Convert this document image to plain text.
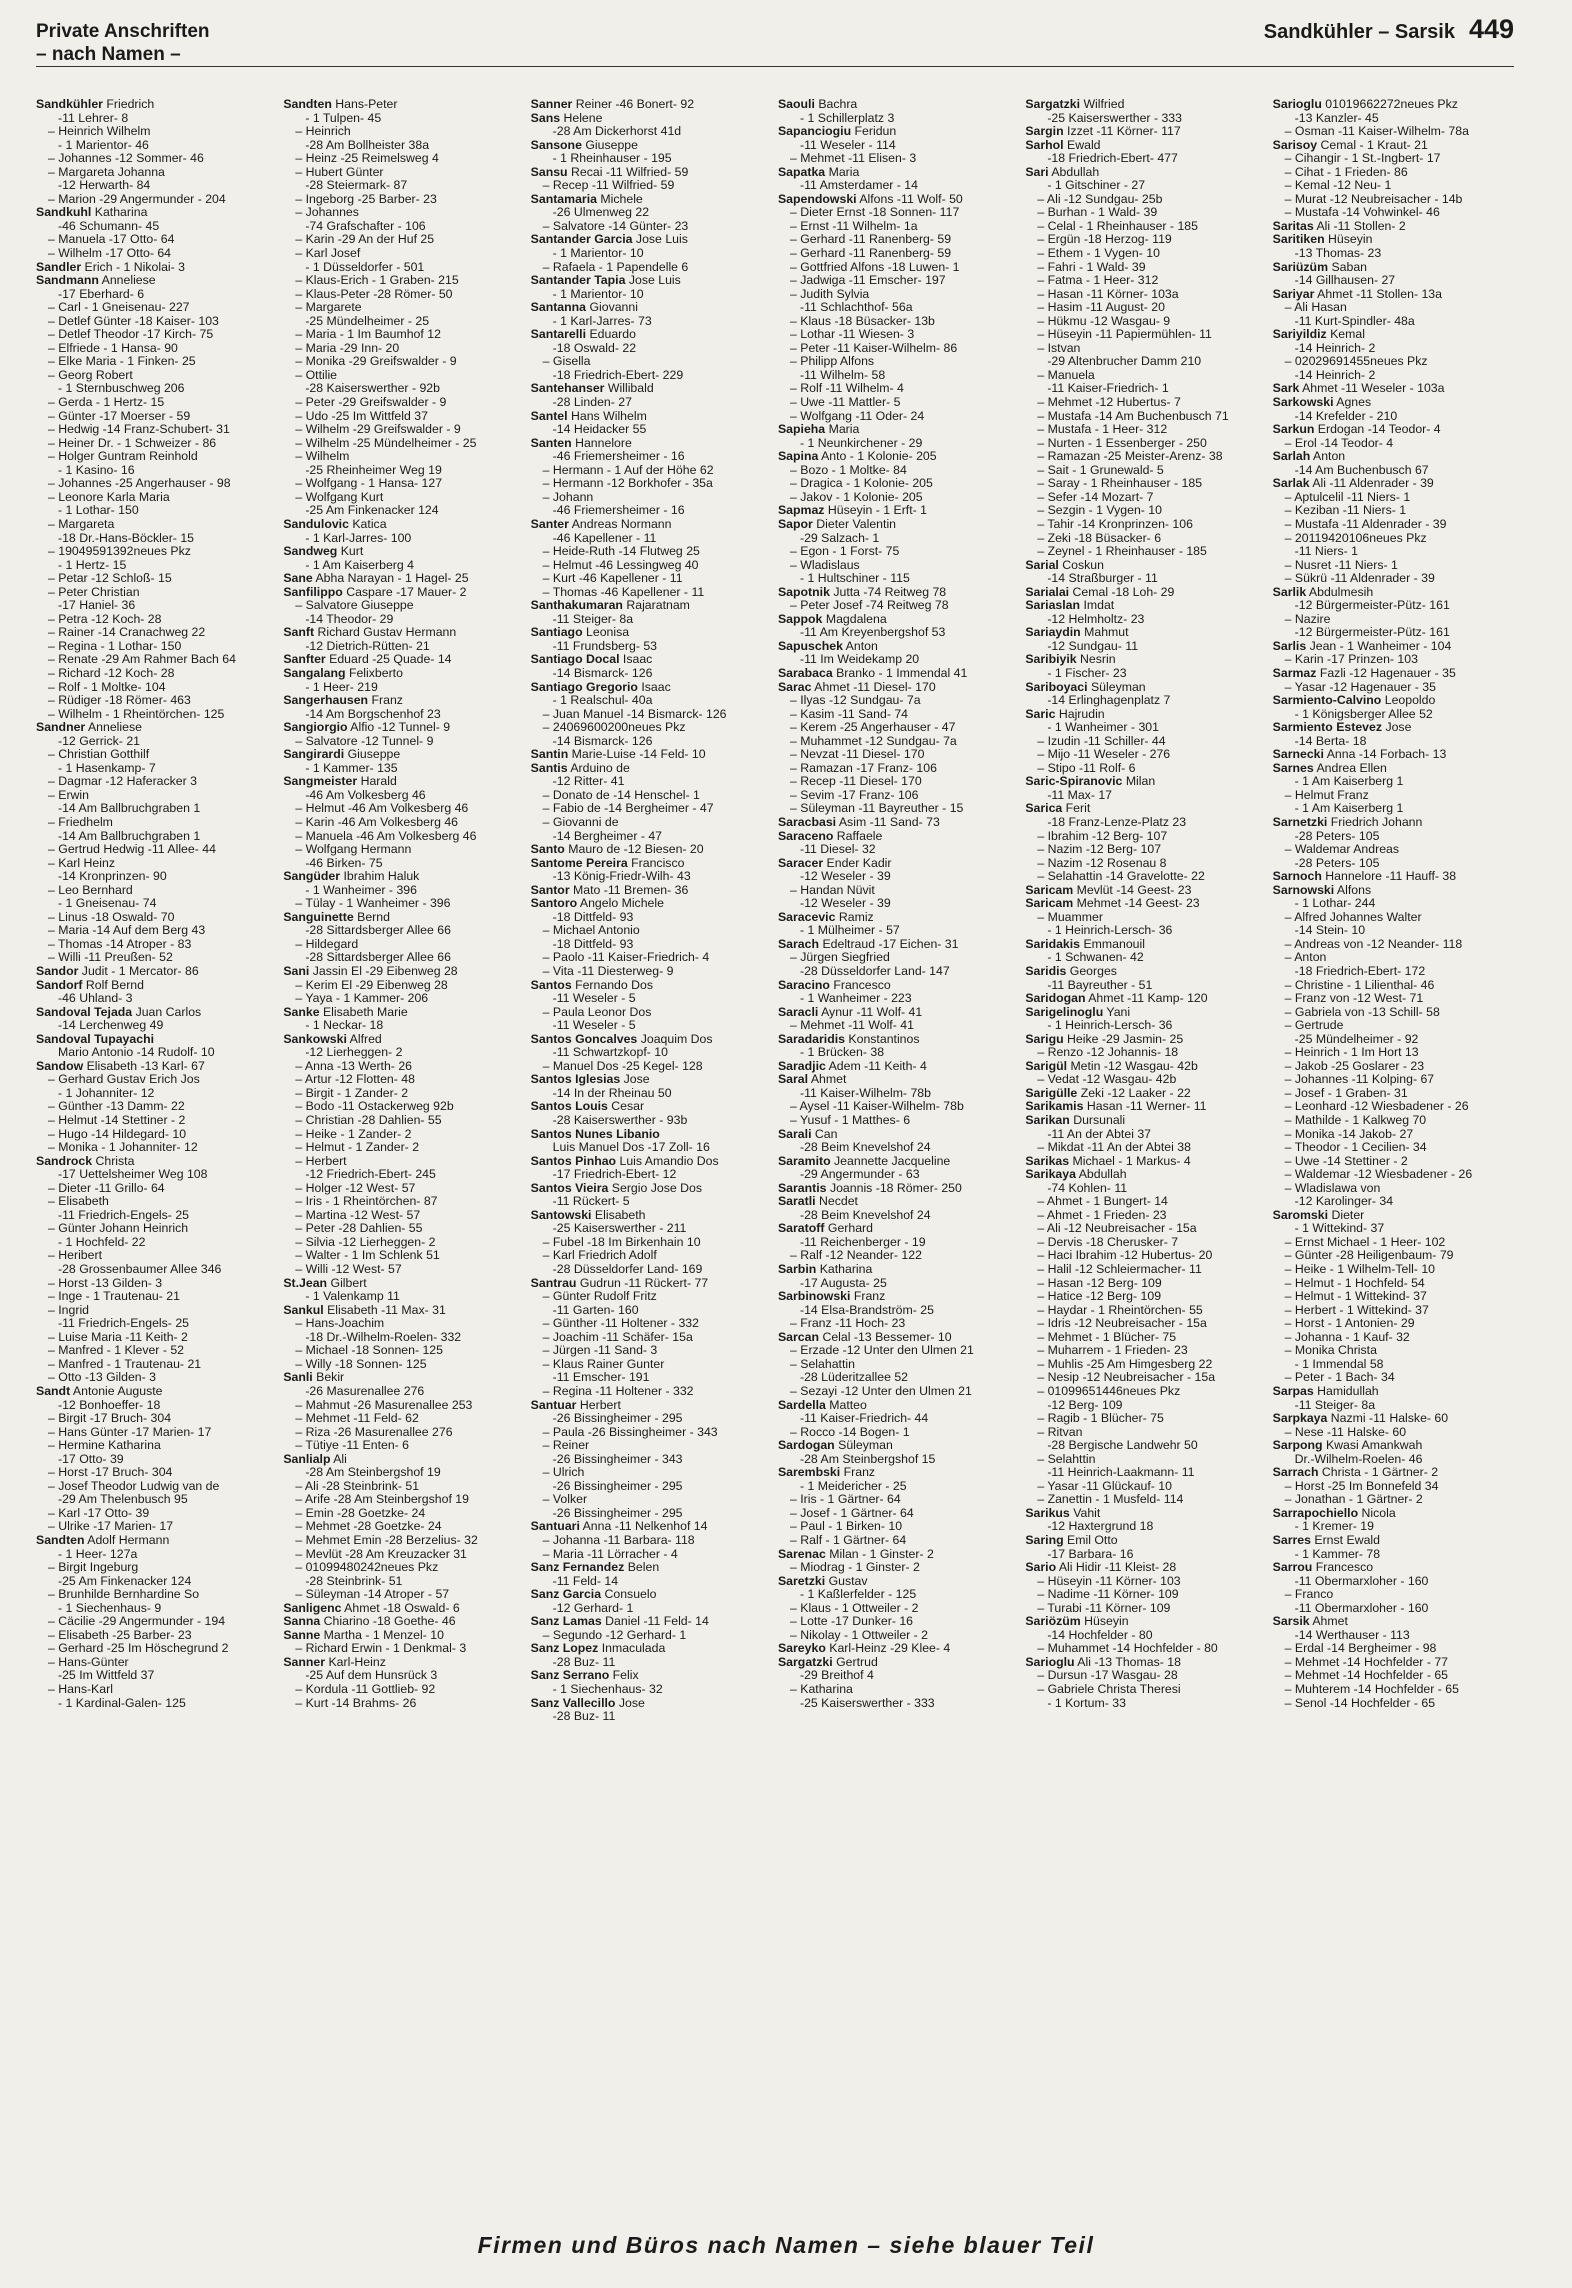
Private Anschriften
– nach Namen –
Sandkühler – Sarsik 449
Sandkühler Friedrich
-11 Lehrer- 8
– Heinrich Wilhelm
- 1 Marientor- 46
– Johannes -12 Sommer- 46
– Margareta Johanna
-12 Herwarth- 84
– Marion -29 Angermunder - 204
Sandkuhl Katharina
-46 Schumann- 45
– Manuela -17 Otto- 64
– Wilhelm -17 Otto- 64
Sandler Erich - 1 Nikolai- 3
Sandmann Anneliese
-17 Eberhard- 6
– Carl - 1 Gneisenau- 227
– Detlef Günter -18 Kaiser- 103
– Detlef Theodor -17 Kirch- 75
– Elfriede - 1 Hansa- 90
– Elke Maria - 1 Finken- 25
– Georg Robert
- 1 Sternbuschweg 206
– Gerda - 1 Hertz- 15
– Günter -17 Moerser - 59
– Hedwig -14 Franz-Schubert- 31
– Heiner Dr. - 1 Schweizer - 86
– Holger Guntram Reinhold
- 1 Kasino- 16
– Johannes -25 Angerhauser - 98
– Leonore Karla Maria
- 1 Lothar- 150
– Margareta
-18 Dr.-Hans-Böckler- 15
– 19049591392neues Pkz
- 1 Hertz- 15
– Petar -12 Schloß- 15
– Peter Christian
-17 Haniel- 36
– Petra -12 Koch- 28
– Rainer -14 Cranachweg 22
– Regina - 1 Lothar- 150
– Renate -29 Am Rahmer Bach 64
– Richard -12 Koch- 28
– Rolf - 1 Moltke- 104
– Rüdiger -18 Römer- 463
– Wilhelm - 1 Rheintörchen- 125
Sandner Anneliese
-12 Gerrick- 21
– Christian Gotthilf
- 1 Hasenkamp- 7
– Dagmar -12 Haferacker 3
– Erwin
-14 Am Ballbruchgraben 1
– Friedhelm
-14 Am Ballbruchgraben 1
– Gertrud Hedwig -11 Allee- 44
– Karl Heinz
-14 Kronprinzen- 90
– Leo Bernhard
- 1 Gneisenau- 74
– Linus -18 Oswald- 70
– Maria -14 Auf dem Berg 43
– Thomas -14 Atroper - 83
– Willi -11 Preußen- 52
Sandor Judit - 1 Mercator- 86
Sandorf Rolf Bernd
-46 Uhland- 3
Sandoval Tejada Juan Carlos
-14 Lerchenweg 49
Sandoval Tupayachi
Mario Antonio -14 Rudolf- 10
Sandow Elisabeth -13 Karl- 67
– Gerhard Gustav Erich Jos
- 1 Johanniter- 12
– Günther -13 Damm- 22
– Helmut -14 Stettiner - 2
– Hugo -14 Hildegard- 10
– Monika - 1 Johanniter- 12
Sandrock Christa
-17 Uettelsheimer Weg 108
– Dieter -11 Grillo- 64
– Elisabeth
-11 Friedrich-Engels- 25
– Günter Johann Heinrich
- 1 Hochfeld- 22
– Heribert
-28 Grossenbaumer Allee 346
– Horst -13 Gilden- 3
– Inge - 1 Trautenau- 21
– Ingrid
-11 Friedrich-Engels- 25
– Luise Maria -11 Keith- 2
– Manfred - 1 Klever - 52
– Manfred - 1 Trautenau- 21
– Otto -13 Gilden- 3
Sandt Antonie Auguste
-12 Bonhoeffer- 18
– Birgit -17 Bruch- 304
– Hans Günter -17 Marien- 17
– Hermine Katharina
-17 Otto- 39
– Horst -17 Bruch- 304
– Josef Theodor Ludwig van de
-29 Am Thelenbusch 95
– Karl -17 Otto- 39
– Ulrike -17 Marien- 17
Sandten Adolf Hermann
- 1 Heer- 127a
– Birgit Ingeburg
-25 Am Finkenacker 124
– Brunhilde Bernhardine So
- 1 Siechenhaus- 9
– Cäcilie -29 Angermunder - 194
– Elisabeth -25 Barber- 23
– Gerhard -25 Im Höschegrund 2
– Hans-Günter
-25 Im Wittfeld 37
– Hans-Karl
- 1 Kardinal-Galen- 125
Sandten Hans-Peter
- 1 Tulpen- 45
– Heinrich
-28 Am Bollheister 38a
– Heinz -25 Reimelsweg 4
– Hubert Günter
-28 Steiermark- 87
– Ingeborg -25 Barber- 23
– Johannes
-74 Grafschafter - 106
– Karin -29 An der Huf 25
– Karl Josef
- 1 Düsseldorfer - 501
– Klaus-Erich - 1 Graben- 215
– Klaus-Peter -28 Römer- 50
– Margarete
-25 Mündelheimer - 25
– Maria - 1 Im Baumhof 12
– Maria -29 Inn- 20
– Monika -29 Greifswalder - 9
– Ottilie
-28 Kaiserswerther - 92b
– Peter -29 Greifswalder - 9
– Udo -25 Im Wittfeld 37
– Wilhelm -29 Greifswalder - 9
– Wilhelm -25 Mündelheimer - 25
– Wilhelm
-25 Rheinheimer Weg 19
– Wolfgang - 1 Hansa- 127
– Wolfgang Kurt
-25 Am Finkenacker 124
Sandulovic Katica
- 1 Karl-Jarres- 100
Sandweg Kurt
- 1 Am Kaiserberg 4
Sane Abha Narayan - 1 Hagel- 25
Sanfilippo Caspare -17 Mauer- 2
– Salvatore Giuseppe
-14 Theodor- 29
Sanft Richard Gustav Hermann
-12 Dietrich-Rütten- 21
Sanfter Eduard -25 Quade- 14
Sangalang Felixberto
- 1 Heer- 219
Sangerhausen Franz
-14 Am Borgschenhof 23
Sangiorgio Alfio -12 Tunnel- 9
– Salvatore -12 Tunnel- 9
Sangirardi Giuseppe
- 1 Kammer- 135
Sangmeister Harald
-46 Am Volkesberg 46
– Helmut -46 Am Volkesberg 46
– Karin -46 Am Volkesberg 46
– Manuela -46 Am Volkesberg 46
– Wolfgang Hermann
-46 Birken- 75
Sangüder Ibrahim Haluk
- 1 Wanheimer - 396
– Tülay - 1 Wanheimer - 396
Sanguinette Bernd
-28 Sittardsberger Allee 66
– Hildegard
-28 Sittardsberger Allee 66
Sani Jassin El -29 Eibenweg 28
– Kerim El -29 Eibenweg 28
– Yaya - 1 Kammer- 206
Sanke Elisabeth Marie
- 1 Neckar- 18
Sankowski Alfred
-12 Lierheggen- 2
– Anna -13 Werth- 26
– Artur -12 Flotten- 48
– Birgit - 1 Zander- 2
– Bodo -11 Ostackerweg 92b
– Christian -28 Dahlien- 55
– Heike - 1 Zander- 2
– Helmut - 1 Zander- 2
– Herbert
-12 Friedrich-Ebert- 245
– Holger -12 West- 57
– Iris - 1 Rheintörchen- 87
– Martina -12 West- 57
– Peter -28 Dahlien- 55
– Silvia -12 Lierheggen- 2
– Walter - 1 Im Schlenk 51
– Willi -12 West- 57
St.Jean Gilbert
- 1 Valenkamp 11
Sankul Elisabeth -11 Max- 31
– Hans-Joachim
-18 Dr.-Wilhelm-Roelen- 332
– Michael -18 Sonnen- 125
– Willy -18 Sonnen- 125
Sanli Bekir
-26 Masurenallee 276
– Mahmut -26 Masurenallee 253
– Mehmet -11 Feld- 62
– Riza -26 Masurenallee 276
– Tütiye -11 Enten- 6
Sanlialp Ali
-28 Am Steinbergshof 19
– Ali -28 Steinbrink- 51
– Arife -28 Am Steinbergshof 19
– Emin -28 Goetzke- 24
– Mehmet -28 Goetzke- 24
– Mehmet Emin -28 Berzelius- 32
– Mevlüt -28 Am Kreuzacker 31
– 01099480242neues Pkz
-28 Steinbrink- 51
– Süleyman -14 Atroper - 57
Sanligenc Ahmet -18 Oswald- 6
Sanna Chiarino -18 Goethe- 46
Sanne Martha - 1 Menzel- 10
– Richard Erwin - 1 Denkmal- 3
Sanner Karl-Heinz
-25 Auf dem Hunsrück 3
– Kordula -11 Gottlieb- 92
– Kurt -14 Brahms- 26
Sanner Reiner -46 Bonert- 92
Sans Helene
-28 Am Dickerhorst 41d
Sansone Giuseppe
- 1 Rheinhauser - 195
Sansu Recai -11 Wilfried- 59
– Recep -11 Wilfried- 59
Santamaria Michele
-26 Ulmenweg 22
– Salvatore -14 Günter- 23
Santander Garcia Jose Luis
- 1 Marientor- 10
– Rafaela - 1 Papendelle 6
Santander Tapia Jose Luis
- 1 Marientor- 10
Santanna Giovanni
- 1 Karl-Jarres- 73
Santarelli Eduardo
-18 Oswald- 22
– Gisella
-18 Friedrich-Ebert- 229
Santehanser Willibald
-28 Linden- 27
Santel Hans Wilhelm
-14 Heidacker 55
Santen Hannelore
-46 Friemersheimer - 16
– Hermann - 1 Auf der Höhe 62
– Hermann -12 Borkhofer - 35a
– Johann
-46 Friemersheimer - 16
Santer Andreas Normann
-46 Kapellener - 11
– Heide-Ruth -14 Flutweg 25
– Helmut -46 Lessingweg 40
– Kurt -46 Kapellener - 11
– Thomas -46 Kapellener - 11
Santhakumaran Rajaratnam
-11 Steiger- 8a
Santiago Leonisa
-11 Frundsberg- 53
Santiago Docal Isaac
-14 Bismarck- 126
Santiago Gregorio Isaac
- 1 Realschul- 40a
– Juan Manuel -14 Bismarck- 126
– 24069600200neues Pkz
-14 Bismarck- 126
Santin Marie-Luise -14 Feld- 10
Santis Arduino de
-12 Ritter- 41
– Donato de -14 Henschel- 1
– Fabio de -14 Bergheimer - 47
– Giovanni de
-14 Bergheimer - 47
Santo Mauro de -12 Biesen- 20
Santome Pereira Francisco
-13 König-Friedr-Wilh- 43
Santor Mato -11 Bremen- 36
Santoro Angelo Michele
-18 Dittfeld- 93
– Michael Antonio
-18 Dittfeld- 93
– Paolo -11 Kaiser-Friedrich- 4
– Vita -11 Diesterweg- 9
Santos Fernando Dos
-11 Weseler - 5
– Paula Leonor Dos
-11 Weseler - 5
Santos Goncalves Joaquim Dos
-11 Schwartzkopf- 10
– Manuel Dos -25 Kegel- 128
Santos Iglesias Jose
-14 In der Rheinau 50
Santos Louis Cesar
-28 Kaiserswerther - 93b
Santos Nunes Libanio
Luis Manuel Dos -17 Zoll- 16
Santos Pinhao Luis Amandio Dos
-17 Friedrich-Ebert- 12
Santos Vieira Sergio Jose Dos
-11 Rückert- 5
Santowski Elisabeth
-25 Kaiserswerther - 211
– Fubel -18 Im Birkenhain 10
– Karl Friedrich Adolf
-28 Düsseldorfer Land- 169
Santrau Gudrun -11 Rückert- 77
– Günter Rudolf Fritz
-11 Garten- 160
– Günther -11 Holtener - 332
– Joachim -11 Schäfer- 15a
– Jürgen -11 Sand- 3
– Klaus Rainer Gunter
-11 Emscher- 191
– Regina -11 Holtener - 332
Santuar Herbert
-26 Bissingheimer - 295
– Paula -26 Bissingheimer - 343
– Reiner
-26 Bissingheimer - 343
– Ulrich
-26 Bissingheimer - 295
– Volker
-26 Bissingheimer - 295
Santuari Anna -11 Nelkenhof 14
– Johanna -11 Barbara- 118
– Maria -11 Lörracher - 4
Sanz Fernandez Belen
-11 Feld- 14
Sanz Garcia Consuelo
-12 Gerhard- 1
Sanz Lamas Daniel -11 Feld- 14
– Segundo -12 Gerhard- 1
Sanz Lopez Inmaculada
-28 Buz- 11
Sanz Serrano Felix
- 1 Siechenhaus- 32
Sanz Vallecillo Jose
-28 Buz- 11
Saouli Bachra
- 1 Schillerplatz 3
Sapanciogiu Feridun
-11 Weseler - 114
– Mehmet -11 Elisen- 3
Sapatka Maria
-11 Amsterdamer - 14
Sapendowski Alfons -11 Wolf- 50
– Dieter Ernst -18 Sonnen- 117
– Ernst -11 Wilhelm- 1a
– Gerhard -11 Ranenberg- 59
– Gerhard -11 Ranenberg- 59
– Gottfried Alfons -18 Luwen- 1
– Jadwiga -11 Emscher- 197
– Judith Sylvia
-11 Schlachthof- 56a
– Klaus -18 Büsacker- 13b
– Lothar -11 Wiesen- 3
– Peter -11 Kaiser-Wilhelm- 86
– Philipp Alfons
-11 Wilhelm- 58
– Rolf -11 Wilhelm- 4
– Uwe -11 Mattler- 5
– Wolfgang -11 Oder- 24
Sapieha Maria
- 1 Neunkirchener - 29
Sapina Anto - 1 Kolonie- 205
– Bozo - 1 Moltke- 84
– Dragica - 1 Kolonie- 205
– Jakov - 1 Kolonie- 205
Sapmaz Hüseyin - 1 Erft- 1
Sapor Dieter Valentin
-29 Salzach- 1
– Egon - 1 Forst- 75
– Wladislaus
- 1 Hultschiner - 115
Sapotnik Jutta -74 Reitweg 78
– Peter Josef -74 Reitweg 78
Sappok Magdalena
-11 Am Kreyenbergshof 53
Sapuschek Anton
-11 Im Weidekamp 20
Sarabaca Branko - 1 Immendal 41
Sarac Ahmet -11 Diesel- 170
– Ilyas -12 Sundgau- 7a
– Kasim -11 Sand- 74
– Kerem -25 Angerhauser - 47
– Muhammet -12 Sundgau- 7a
– Nevzat -11 Diesel- 170
– Ramazan -17 Franz- 106
– Recep -11 Diesel- 170
– Sevim -17 Franz- 106
– Süleyman -11 Bayreuther - 15
Saracbasi Asim -11 Sand- 73
Saraceno Raffaele
-11 Diesel- 32
Saracer Ender Kadir
-12 Weseler - 39
– Handan Nüvit
-12 Weseler - 39
Saracevic Ramiz
- 1 Mülheimer - 57
Sarach Edeltraud -17 Eichen- 31
– Jürgen Siegfried
-28 Düsseldorfer Land- 147
Saracino Francesco
- 1 Wanheimer - 223
Saracli Aynur -11 Wolf- 41
– Mehmet -11 Wolf- 41
Saradaridis Konstantinos
- 1 Brücken- 38
Saradjic Adem -11 Keith- 4
Saral Ahmet
-11 Kaiser-Wilhelm- 78b
– Aysel -11 Kaiser-Wilhelm- 78b
– Yusuf - 1 Matthes- 6
Sarali Can
-28 Beim Knevelshof 24
Saramito Jeannette Jacqueline
-29 Angermunder - 63
Sarantis Joannis -18 Römer- 250
Saratli Necdet
-28 Beim Knevelshof 24
Saratoff Gerhard
-11 Reichenberger - 19
– Ralf -12 Neander- 122
Sarbin Katharina
-17 Augusta- 25
Sarbinowski Franz
-14 Elsa-Brandström- 25
– Franz -11 Hoch- 23
Sarcan Celal -13 Bessemer- 10
– Erzade -12 Unter den Ulmen 21
– Selahattin
-28 Lüderitzallee 52
– Sezayi -12 Unter den Ulmen 21
Sardella Matteo
-11 Kaiser-Friedrich- 44
– Rocco -14 Bogen- 1
Sardogan Süleyman
-28 Am Steinbergshof 15
Sarembski Franz
- 1 Meidericher - 25
– Iris - 1 Gärtner- 64
– Josef - 1 Gärtner- 64
– Paul - 1 Birken- 10
– Ralf - 1 Gärtner- 64
Sarenac Milan - 1 Ginster- 2
– Miodrag - 1 Ginster- 2
Saretzki Gustav
- 1 Kaßlerfelder - 125
– Klaus - 1 Ottweiler - 2
– Lotte -17 Dunker- 16
– Nikolay - 1 Ottweiler - 2
Sareyko Karl-Heinz -29 Klee- 4
Sargatzki Gertrud
-29 Breithof 4
– Katharina
-25 Kaiserswerther - 333
Sargatzki Wilfried
-25 Kaiserswerther - 333
Sargin Izzet -11 Körner- 117
Sarhol Ewald
-18 Friedrich-Ebert- 477
Sari Abdullah
- 1 Gitschiner - 27
– Ali -12 Sundgau- 25b
– Burhan - 1 Wald- 39
– Celal - 1 Rheinhauser - 185
– Ergün -18 Herzog- 119
– Ethem - 1 Vygen- 10
– Fahri - 1 Wald- 39
– Fatma - 1 Heer- 312
– Hasan -11 Körner- 103a
– Hasim -11 August- 20
– Hükmu -12 Wasgau- 9
– Hüseyin -11 Papiermühlen- 11
– Istvan
-29 Altenbrucher Damm 210
– Manuela
-11 Kaiser-Friedrich- 1
– Mehmet -12 Hubertus- 7
– Mustafa -14 Am Buchenbusch 71
– Mustafa - 1 Heer- 312
– Nurten - 1 Essenberger - 250
– Ramazan -25 Meister-Arenz- 38
– Sait - 1 Grunewald- 5
– Saray - 1 Rheinhauser - 185
– Sefer -14 Mozart- 7
– Sezgin - 1 Vygen- 10
– Tahir -14 Kronprinzen- 106
– Zeki -18 Büsacker- 6
– Zeynel - 1 Rheinhauser - 185
Sarial Coskun
-14 Straßburger - 11
Sarialai Cemal -18 Loh- 29
Sariaslan Imdat
-12 Helmholtz- 23
Sariaydin Mahmut
-12 Sundgau- 11
Saribiyik Nesrin
- 1 Fischer- 23
Sariboyaci Süleyman
-14 Erlinghagenplatz 7
Saric Hajrudin
- 1 Wanheimer - 301
– Izudin -11 Schiller- 44
– Mijo -11 Weseler - 276
– Stipo -11 Rolf- 6
Saric-Spiranovic Milan
-11 Max- 17
Sarica Ferit
-18 Franz-Lenze-Platz 23
– Ibrahim -12 Berg- 107
– Nazim -12 Berg- 107
– Nazim -12 Rosenau 8
– Selahattin -14 Gravelotte- 22
Saricam Mevlüt -14 Geest- 23
Saricam Mehmet -14 Geest- 23
– Muammer
- 1 Heinrich-Lersch- 36
Saridakis Emmanouil
- 1 Schwanen- 42
Saridis Georges
-11 Bayreuther - 51
Saridogan Ahmet -11 Kamp- 120
Sarigelinoglu Yani
- 1 Heinrich-Lersch- 36
Sarigu Heike -29 Jasmin- 25
– Renzo -12 Johannis- 18
Sarigül Metin -12 Wasgau- 42b
– Vedat -12 Wasgau- 42b
Sarigülle Zeki -12 Laaker - 22
Sarikamis Hasan -11 Werner- 11
Sarikan Dursunali
-11 An der Abtei 37
– Mikdat -11 An der Abtei 38
Sarikas Michael - 1 Markus- 4
Sarikaya Abdullah
-74 Kohlen- 11
– Ahmet - 1 Bungert- 14
– Ahmet - 1 Frieden- 23
– Ali -12 Neubreisacher - 15a
– Dervis -18 Cherusker- 7
– Haci Ibrahim -12 Hubertus- 20
– Halil -12 Schleiermacher- 11
– Hasan -12 Berg- 109
– Hatice -12 Berg- 109
– Haydar - 1 Rheintörchen- 55
– Idris -12 Neubreisacher - 15a
– Mehmet - 1 Blücher- 75
– Muharrem - 1 Frieden- 23
– Muhlis -25 Am Himgesberg 22
– Nesip -12 Neubreisacher - 15a
– 01099651446neues Pkz
-12 Berg- 109
– Ragib - 1 Blücher- 75
– Ritvan
-28 Bergische Landwehr 50
– Selahttin
-11 Heinrich-Laakmann- 11
– Yasar -11 Glückauf- 10
– Zanettin - 1 Musfeld- 114
Sarikus Vahit
-12 Haxtergrund 18
Saring Emil Otto
-17 Barbara- 16
Sario Ali Hidir -11 Kleist- 28
– Hüseyin -11 Körner- 103
– Nadime -11 Körner- 109
– Turabi -11 Körner- 109
Sariözüm Hüseyin
-14 Hochfelder - 80
– Muhammet -14 Hochfelder - 80
Sarioglu Ali -13 Thomas- 18
– Dursun -17 Wasgau- 28
– Gabriele Christa Theresi
- 1 Kortum- 33
Sarioglu 01019662272neues Pkz
-13 Kanzler- 45
– Osman -11 Kaiser-Wilhelm- 78a
Sarisoy Cemal - 1 Kraut- 21
– Cihangir - 1 St.-Ingbert- 17
– Cihat - 1 Frieden- 86
– Kemal -12 Neu- 1
– Murat -12 Neubreisacher - 14b
– Mustafa -14 Vohwinkel- 46
Saritas Ali -11 Stollen- 2
Saritiken Hüseyin
-13 Thomas- 23
Sariüzüm Saban
-14 Gillhausen- 27
Sariyar Ahmet -11 Stollen- 13a
– Ali Hasan
-11 Kurt-Spindler- 48a
Sariyildiz Kemal
-14 Heinrich- 2
– 02029691455neues Pkz
-14 Heinrich- 2
Sark Ahmet -11 Weseler - 103a
Sarkowski Agnes
-14 Krefelder - 210
Sarkun Erdogan -14 Teodor- 4
– Erol -14 Teodor- 4
Sarlah Anton
-14 Am Buchenbusch 67
Sarlak Ali -11 Aldenrader - 39
– Aptulcelil -11 Niers- 1
– Keziban -11 Niers- 1
– Mustafa -11 Aldenrader - 39
– 20119420106neues Pkz
-11 Niers- 1
– Nusret -11 Niers- 1
– Sükrü -11 Aldenrader - 39
Sarlik Abdulmesih
-12 Bürgermeister-Pütz- 161
– Nazire
-12 Bürgermeister-Pütz- 161
Sarlis Jean - 1 Wanheimer - 104
– Karin -17 Prinzen- 103
Sarmaz Fazli -12 Hagenauer - 35
– Yasar -12 Hagenauer - 35
Sarmiento-Calvino Leopoldo
- 1 Königsberger Allee 52
Sarmiento Estevez Jose
-14 Berta- 18
Sarnecki Anna -14 Forbach- 13
Sarnes Andrea Ellen
- 1 Am Kaiserberg 1
– Helmut Franz
- 1 Am Kaiserberg 1
Sarnetzki Friedrich Johann
-28 Peters- 105
– Waldemar Andreas
-28 Peters- 105
Sarnoch Hannelore -11 Hauff- 38
Sarnowski Alfons
- 1 Lothar- 244
– Alfred Johannes Walter
-14 Stein- 10
– Andreas von -12 Neander- 118
– Anton
-18 Friedrich-Ebert- 172
– Christine - 1 Lilienthal- 46
– Franz von -12 West- 71
– Gabriela von -13 Schill- 58
– Gertrude
-25 Mündelheimer - 92
– Heinrich - 1 Im Hort 13
– Jakob -25 Goslarer - 23
– Johannes -11 Kolping- 67
– Josef - 1 Graben- 31
– Leonhard -12 Wiesbadener - 26
– Mathilde - 1 Kalkweg 70
– Monika -14 Jakob- 27
– Theodor - 1 Cecilien- 34
– Uwe -14 Stettiner - 2
– Waldemar -12 Wiesbadener - 26
– Wladislawa von
-12 Karolinger- 34
Saromski Dieter
- 1 Wittekind- 37
– Ernst Michael - 1 Heer- 102
– Günter -28 Heiligenbaum- 79
– Heike - 1 Wilhelm-Tell- 10
– Helmut - 1 Hochfeld- 54
– Helmut - 1 Wittekind- 37
– Herbert - 1 Wittekind- 37
– Horst - 1 Antonien- 29
– Johanna - 1 Kauf- 32
– Monika Christa
- 1 Immendal 58
– Peter - 1 Bach- 34
Sarpas Hamidullah
-11 Steiger- 8a
Sarpkaya Nazmi -11 Halske- 60
– Nese -11 Halske- 60
Sarpong Kwasi Amankwah
Dr.-Wilhelm-Roelen- 46
Sarrach Christa - 1 Gärtner- 2
– Horst -25 Im Bonnefeld 34
– Jonathan - 1 Gärtner- 2
Sarrapochiello Nicola
- 1 Kremer- 19
Sarres Ernst Ewald
- 1 Kammer- 78
Sarrou Francesco
-11 Obermarxloher - 160
– Franco
-11 Obermarxloher - 160
Sarsik Ahmet
-14 Werthauser - 113
– Erdal -14 Bergheimer - 98
– Mehmet -14 Hochfelder - 77
– Mehmet -14 Hochfelder - 65
– Muhterem -14 Hochfelder - 65
– Senol -14 Hochfelder - 65
Firmen und Büros nach Namen – siehe blauer Teil
